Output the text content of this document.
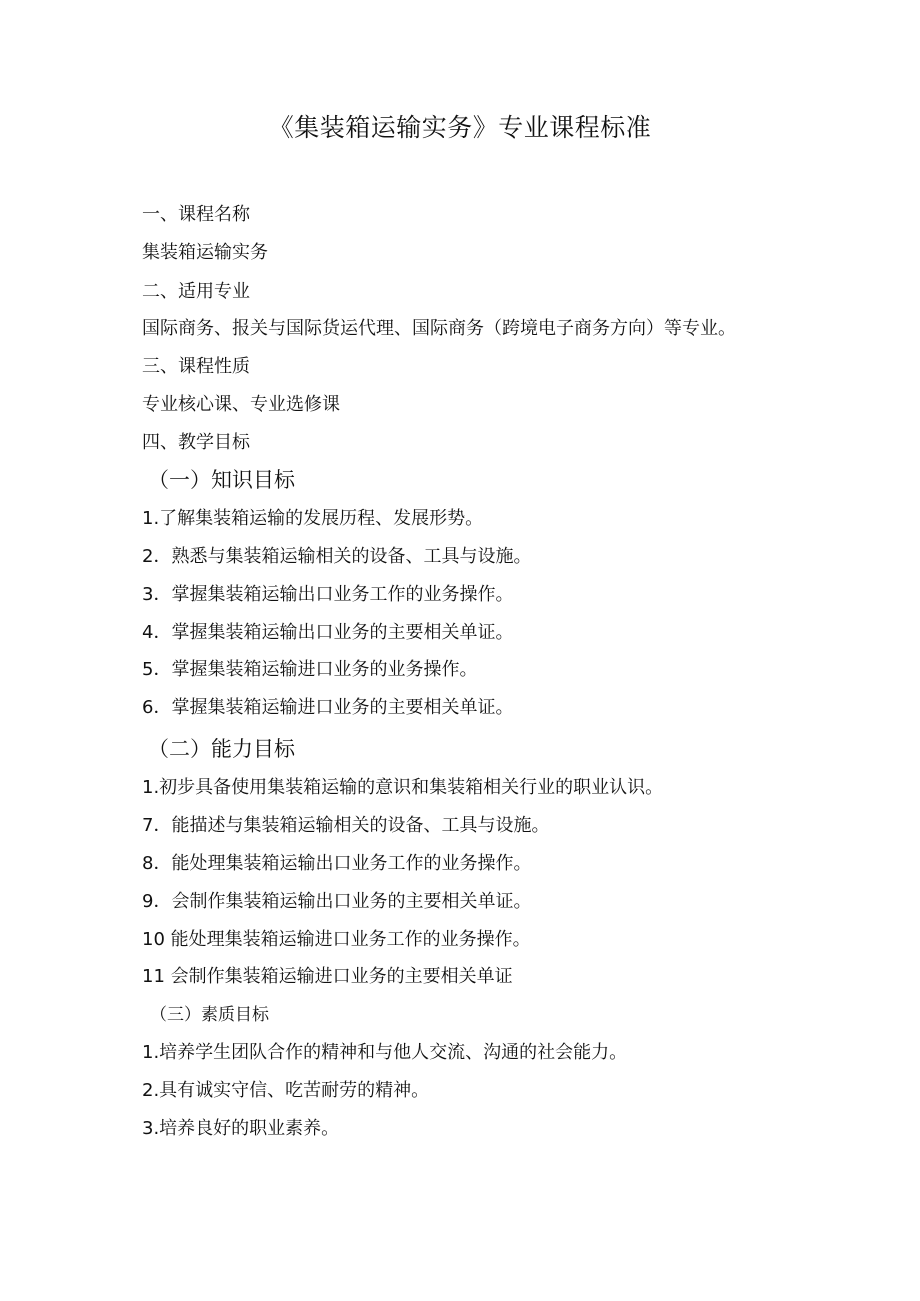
《集装箱运输实务》专业课程标准
一、课程名称
集装箱运输实务
二、适用专业
国际商务、报关与国际货运代理、国际商务（跨境电子商务方向）等专业。
三、课程性质
专业核心课、专业选修课
四、教学目标
（一）知识目标
1.了解集装箱运输的发展历程、发展形势。
2．熟悉与集装箱运输相关的设备、工具与设施。
3．掌握集装箱运输出口业务工作的业务操作。
4．掌握集装箱运输出口业务的主要相关单证。
5．掌握集装箱运输进口业务的业务操作。
6．掌握集装箱运输进口业务的主要相关单证。
（二）能力目标
1.初步具备使用集装箱运输的意识和集装箱相关行业的职业认识。
7．能描述与集装箱运输相关的设备、工具与设施。
8．能处理集装箱运输出口业务工作的业务操作。
9．会制作集装箱运输出口业务的主要相关单证。
10 能处理集装箱运输进口业务工作的业务操作。
11 会制作集装箱运输进口业务的主要相关单证
（三）素质目标
1.培养学生团队合作的精神和与他人交流、沟通的社会能力。
2.具有诚实守信、吃苦耐劳的精神。
3.培养良好的职业素养。
